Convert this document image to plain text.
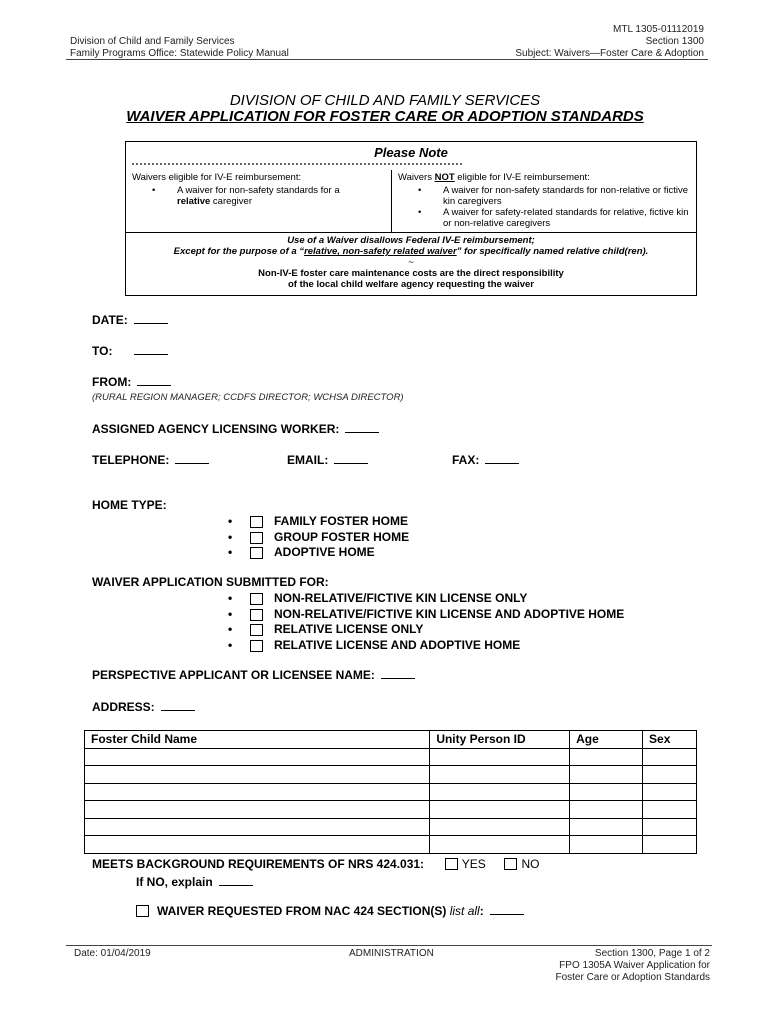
Division of Child and Family Services
Family Programs Office: Statewide Policy Manual
MTL 1305-01112019
Section 1300
Subject: Waivers—Foster Care & Adoption
DIVISION OF CHILD AND FAMILY SERVICES
WAIVER APPLICATION FOR FOSTER CARE OR ADOPTION STANDARDS
Please Note
Waivers eligible for IV-E reimbursement:
• A waiver for non-safety standards for a
relative caregiver
Waivers NOT eligible for IV-E reimbursement:
• A waiver for non-safety standards for non-relative or fictive kin caregivers
• A waiver for safety-related standards for relative, fictive kin or non-relative caregivers
Use of a Waiver disallows Federal IV-E reimbursement;
Except for the purpose of a “relative, non-safety related waiver” for specifically named relative child(ren).
~
Non-IV-E foster care maintenance costs are the direct responsibility
of the local child welfare agency requesting the waiver
DATE:
TO:
FROM:
(RURAL REGION MANAGER; CCDFS DIRECTOR; WCHSA DIRECTOR)
ASSIGNED AGENCY LICENSING WORKER:
TELEPHONE:	EMAIL:	FAX:
HOME TYPE:
•	FAMILY FOSTER HOME
•	GROUP FOSTER HOME
•	ADOPTIVE HOME
WAIVER APPLICATION SUBMITTED FOR:
•	NON-RELATIVE/FICTIVE KIN LICENSE ONLY
•	NON-RELATIVE/FICTIVE KIN LICENSE AND ADOPTIVE HOME
•	RELATIVE LICENSE ONLY
•	RELATIVE LICENSE AND ADOPTIVE HOME
PERSPECTIVE APPLICANT OR LICENSEE NAME:
ADDRESS:
Foster Child Name	Unity Person ID	Age	Sex

MEETS BACKGROUND REQUIREMENTS OF NRS 424.031:	YES	NO
If NO, explain
WAIVER REQUESTED FROM NAC 424 SECTION(S) list all:
Date: 01/04/2019	ADMINISTRATION	Section 1300, Page 1 of 2
FPO 1305A Waiver Application for
Foster Care or Adoption Standards
